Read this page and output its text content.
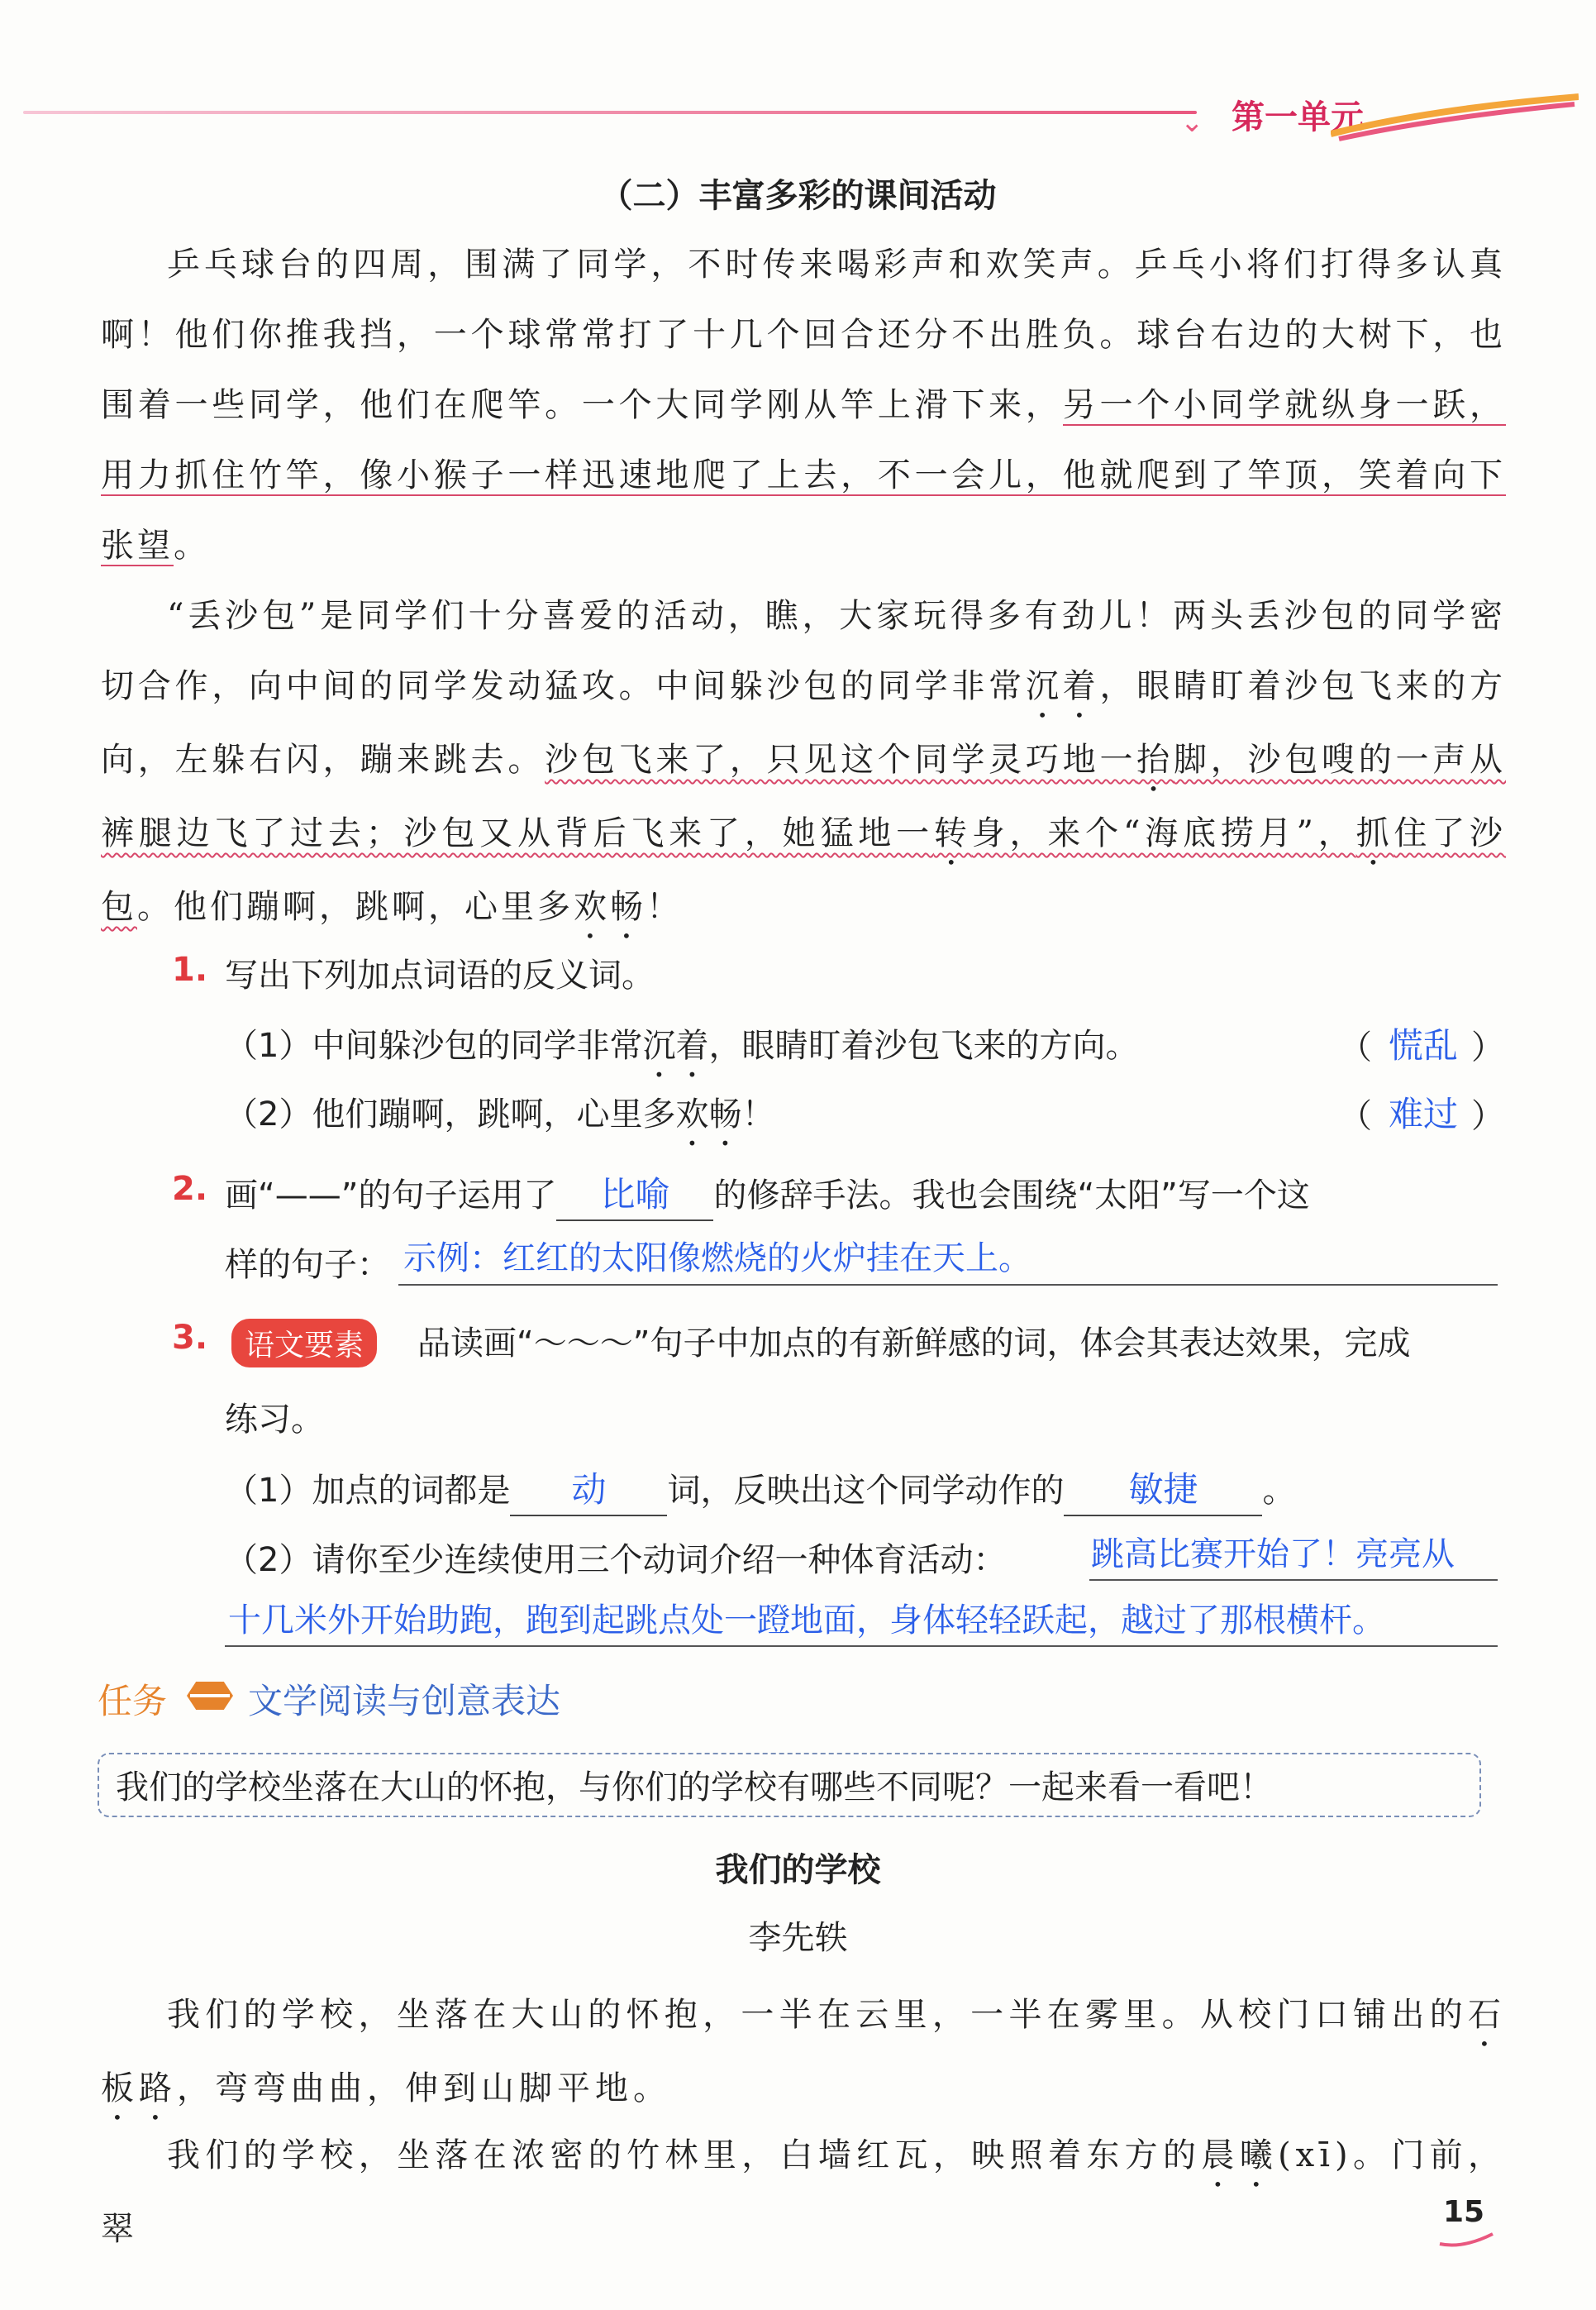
⌄ 第一单元
（二）丰富多彩的课间活动

乒乓球台的四周，围满了同学，不时传来喝彩声和欢笑声。乒乓小将们打得多认真啊！他们你推我挡，一个球常常打了十几个回合还分不出胜负。球台右边的大树下，也围着一些同学，他们在爬竿。一个大同学刚从竿上滑下来，另一个小同学就纵身一跃，用力抓住竹竿，像小猴子一样迅速地爬了上去，不一会儿，他就爬到了竿顶，笑着向下张望。

“丢沙包”是同学们十分喜爱的活动，瞧，大家玩得多有劲儿！两头丢沙包的同学密切合作，向中间的同学发动猛攻。中间躲沙包的同学非常沉着，眼睛盯着沙包飞来的方向，左躲右闪，蹦来跳去。沙包飞来了，只见这个同学灵巧地一抬脚，沙包嗖的一声从裤腿边飞了过去；沙包又从背后飞来了，她猛地一转身，来个“海底捞月”，抓住了沙包。他们蹦啊，跳啊，心里多欢畅！

1. 写出下列加点词语的反义词。
（1）中间躲沙包的同学非常沉着，眼睛盯着沙包飞来的方向。	（ 慌乱 ）
（2）他们蹦啊，跳啊，心里多欢畅！	（ 难过 ）
2. 画“——”的句子运用了 比喻 的修辞手法。我也会围绕“太阳”写一个这
样的句子： 示例：红红的太阳像燃烧的火炉挂在天上。
3.	语文要素	品读画“～～～”句子中加点的有新鲜感的词，体会其表达效果，完成
练习。
（1）加点的词都是 动 词，反映出这个同学动作的 敏捷 。
（2）请你至少连续使用三个动词介绍一种体育活动：	跳高比赛开始了！亮亮从
十几米外开始助跑，跑到起跳点处一蹬地面，身体轻轻跃起，越过了那根横杆。
任务 文学阅读与创意表达
我们的学校坐落在大山的怀抱，与你们的学校有哪些不同呢？一起来看一看吧！
我们的学校
李先轶

我们的学校，坐落在大山的怀抱，一半在云里，一半在雾里。从校门口铺出的石板路，弯弯曲曲，伸到山脚平地。

我们的学校，坐落在浓密的竹林里，白墙红瓦，映照着东方的晨曦(xī)。门前，翠	15
